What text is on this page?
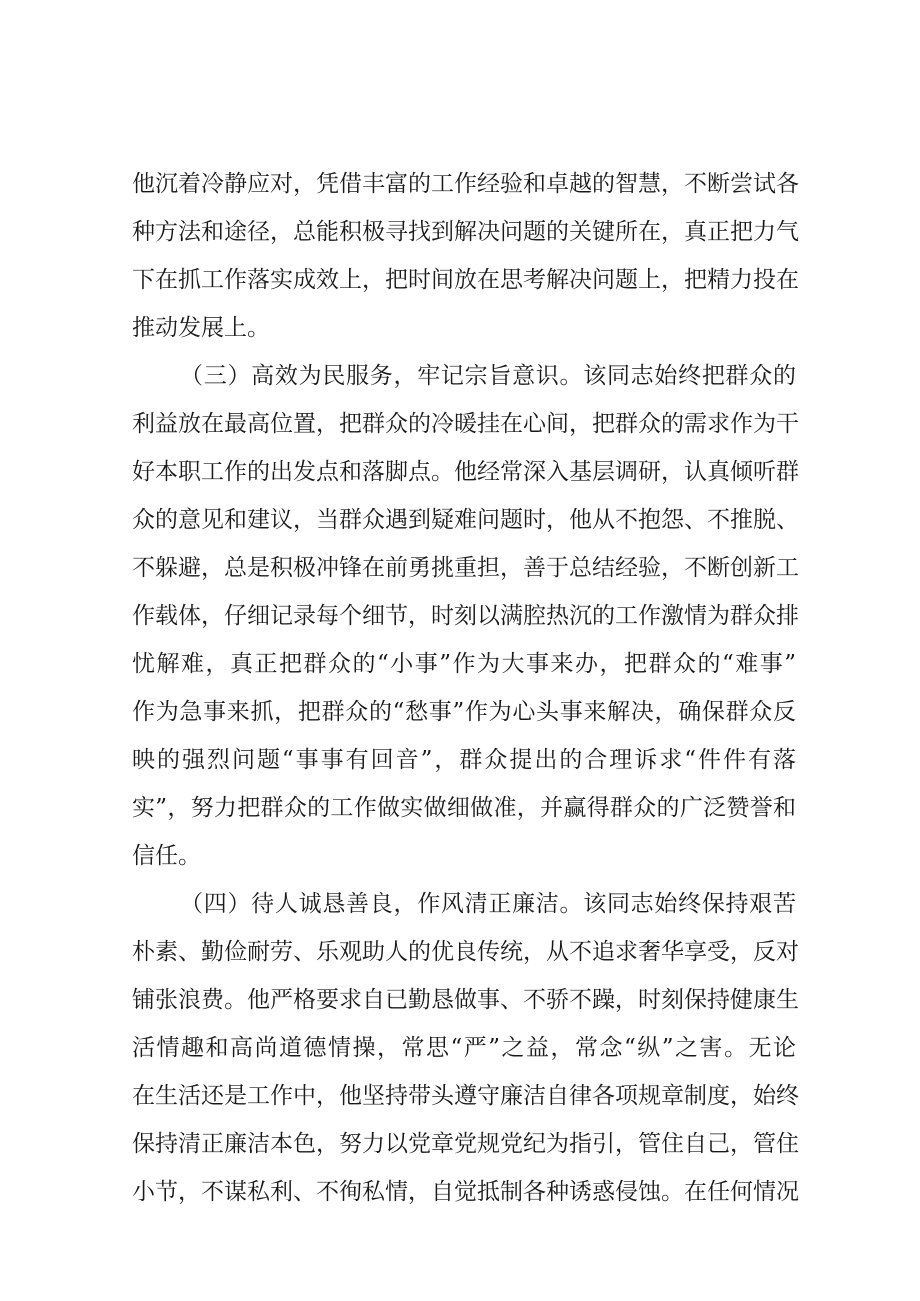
他沉着冷静应对，凭借丰富的工作经验和卓越的智慧，不断尝试各
种方法和途径，总能积极寻找到解决问题的关键所在，真正把力气
下在抓工作落实成效上，把时间放在思考解决问题上，把精力投在
推动发展上。
（三）高效为民服务，牢记宗旨意识。该同志始终把群众的
利益放在最高位置，把群众的冷暖挂在心间，把群众的需求作为干
好本职工作的出发点和落脚点。他经常深入基层调研，认真倾听群
众的意见和建议，当群众遇到疑难问题时，他从不抱怨、不推脱、
不躲避，总是积极冲锋在前勇挑重担，善于总结经验，不断创新工
作载体，仔细记录每个细节，时刻以满腔热沉的工作激情为群众排
忧解难，真正把群众的“小事”作为大事来办，把群众的“难事”
作为急事来抓，把群众的“愁事”作为心头事来解决，确保群众反
映的强烈问题“事事有回音”，群众提出的合理诉求“件件有落
实”，努力把群众的工作做实做细做准，并赢得群众的广泛赞誉和
信任。
（四）待人诚恳善良，作风清正廉洁。该同志始终保持艰苦
朴素、勤俭耐劳、乐观助人的优良传统，从不追求奢华享受，反对
铺张浪费。他严格要求自已勤恳做事、不骄不躁，时刻保持健康生
活情趣和高尚道德情操，常思“严”之益，常念“纵”之害。无论
在生活还是工作中，他坚持带头遵守廉洁自律各项规章制度，始终
保持清正廉洁本色，努力以党章党规党纪为指引，管住自己，管住
小节，不谋私利、不徇私情，自觉抵制各种诱惑侵蚀。在任何情况
